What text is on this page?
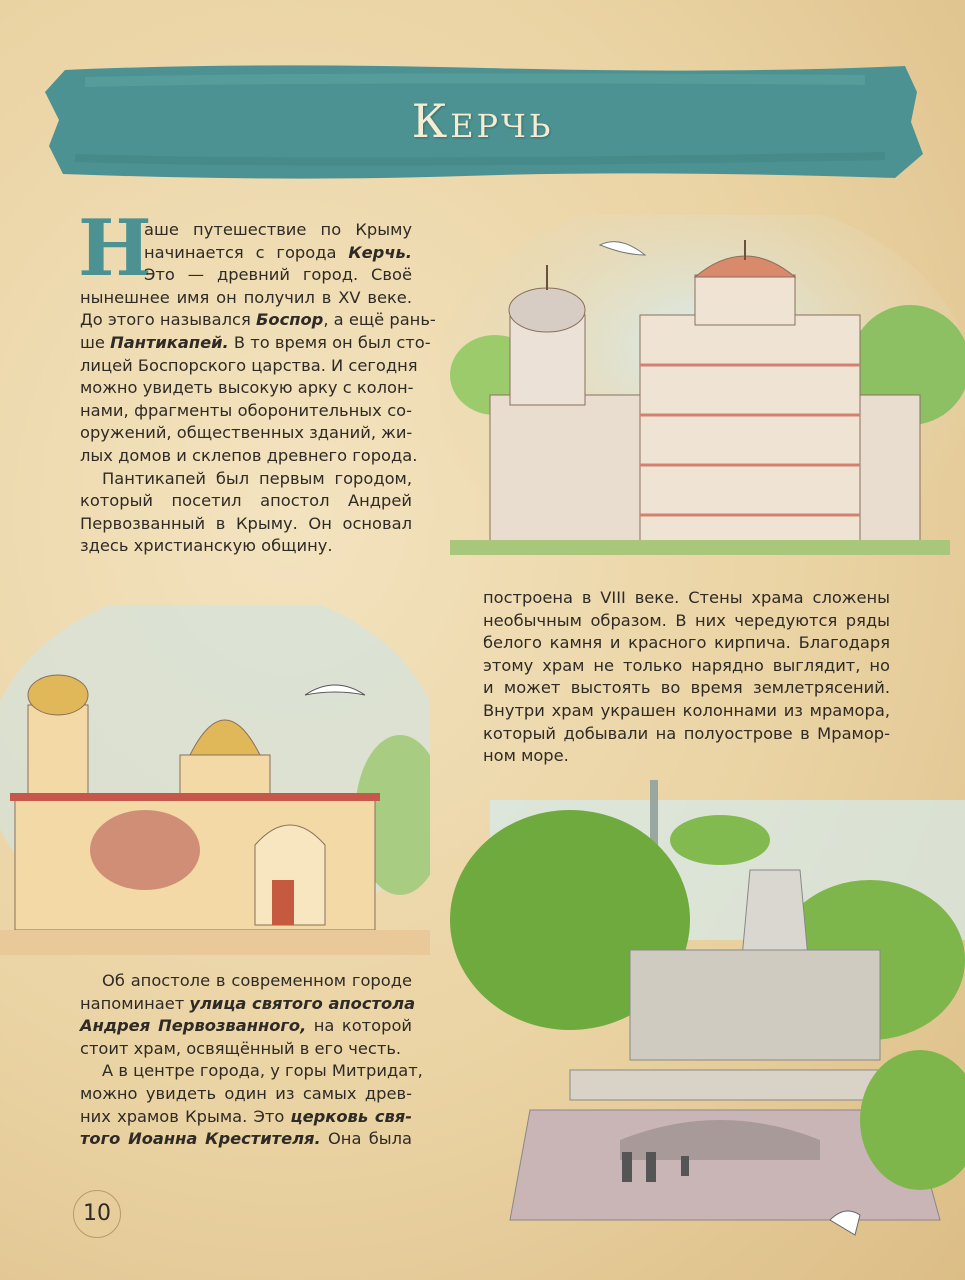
Керчь
Н
аше путешествие по Крыму
начинается с города Керчь.
Это — древний город. Своё
нынешнее имя он получил в XV веке.
До этого назывался Боспор, а ещё рань-
ше Пантикапей. В то время он был сто-
лицей Боспорского царства. И сегодня
можно увидеть высокую арку с колон-
нами, фрагменты оборонительных со-
оружений, общественных зданий, жи-
лых домов и склепов древнего города.
Пантикапей был первым городом,
который посетил апостол Андрей
Первозванный в Крыму. Он основал
здесь христианскую общину.
построена в VIII веке. Стены храма сложены
необычным образом. В них чередуются ряды
белого камня и красного кирпича. Благодаря
этому храм не только нарядно выглядит, но
и может выстоять во время землетрясений.
Внутри храм украшен колоннами из мрамора,
который добывали на полуострове в Мрамор-
ном море.
Об апостоле в современном городе
напоминает улица святого апостола
Андрея Первозванного, на которой
стоит храм, освящённый в его честь.
А в центре города, у горы Митридат,
можно увидеть один из самых древ-
них храмов Крыма. Это церковь свя-
того Иоанна Крестителя. Она была
10
